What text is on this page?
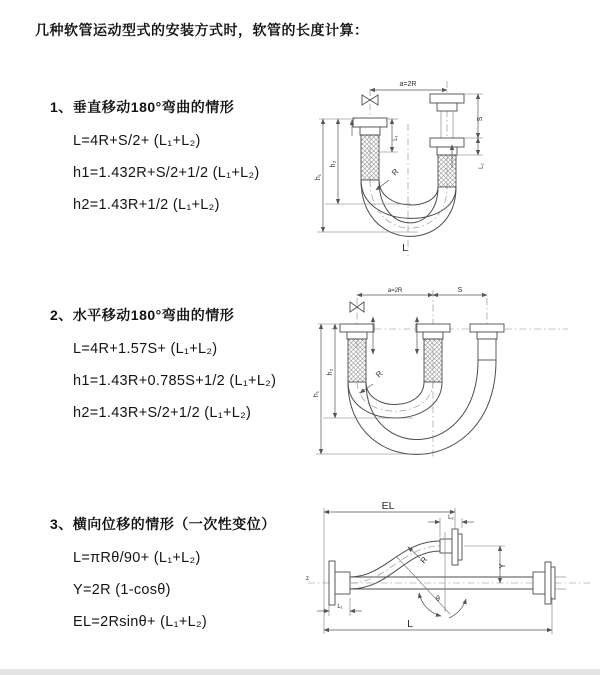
几种软管运动型式的安装方式时，软管的长度计算：
1、垂直移动180°弯曲的情形
L=4R+S/2+ (L₁+L₂)
h1=1.432R+S/2+1/2 (L₁+L₂)
h2=1.43R+1/2 (L₁+L₂)
2、水平移动180°弯曲的情形
L=4R+1.57S+ (L₁+L₂)
h1=1.43R+0.785S+1/2 (L₁+L₂)
h2=1.43R+S/2+1/2 (L₁+L₂)
3、横向位移的情形（一次性变位）
L=πRθ/90+ (L₁+L₂)
Y=2R (1-cosθ)
EL=2Rsinθ+ (L₁+L₂)
a=2R
R
L
h₂
h₁
L₁
S
L₂
a=2R	S
R
h₂
h₁
z
EL
L₂
Y
L
L₁
R
θ
